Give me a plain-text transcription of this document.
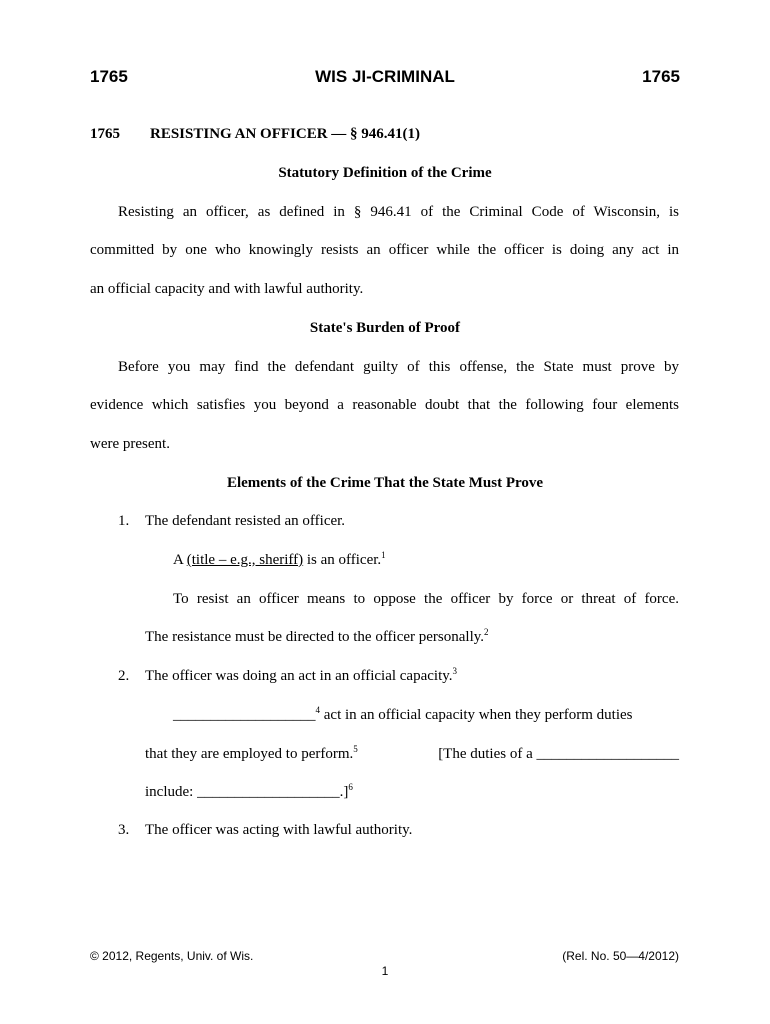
1765	WIS JI-CRIMINAL	1765
1765 RESISTING AN OFFICER — § 946.41(1)
Statutory Definition of the Crime
Resisting an officer, as defined in § 946.41 of the Criminal Code of Wisconsin, is
committed by one who knowingly resists an officer while the officer is doing any act in
an official capacity and with lawful authority.
State's Burden of Proof
Before you may find the defendant guilty of this offense, the State must prove by
evidence which satisfies you beyond a reasonable doubt that the following four elements
were present.
Elements of the Crime That the State Must Prove
1. The defendant resisted an officer.
A (title – e.g., sheriff) is an officer.$^1$
To resist an officer means to oppose the officer by force or threat of force.
The resistance must be directed to the officer personally.$^2$
2. The officer was doing an act in an official capacity.$^3$
___________________$^4$ act in an official capacity when they perform duties
that they are employed to perform.$^5$	[The duties of a ___________________
include: ___________________.]$^6$
3. The officer was acting with lawful authority.
© 2012, Regents, Univ. of Wis.	(Rel. No. 50—4/2012)
1
